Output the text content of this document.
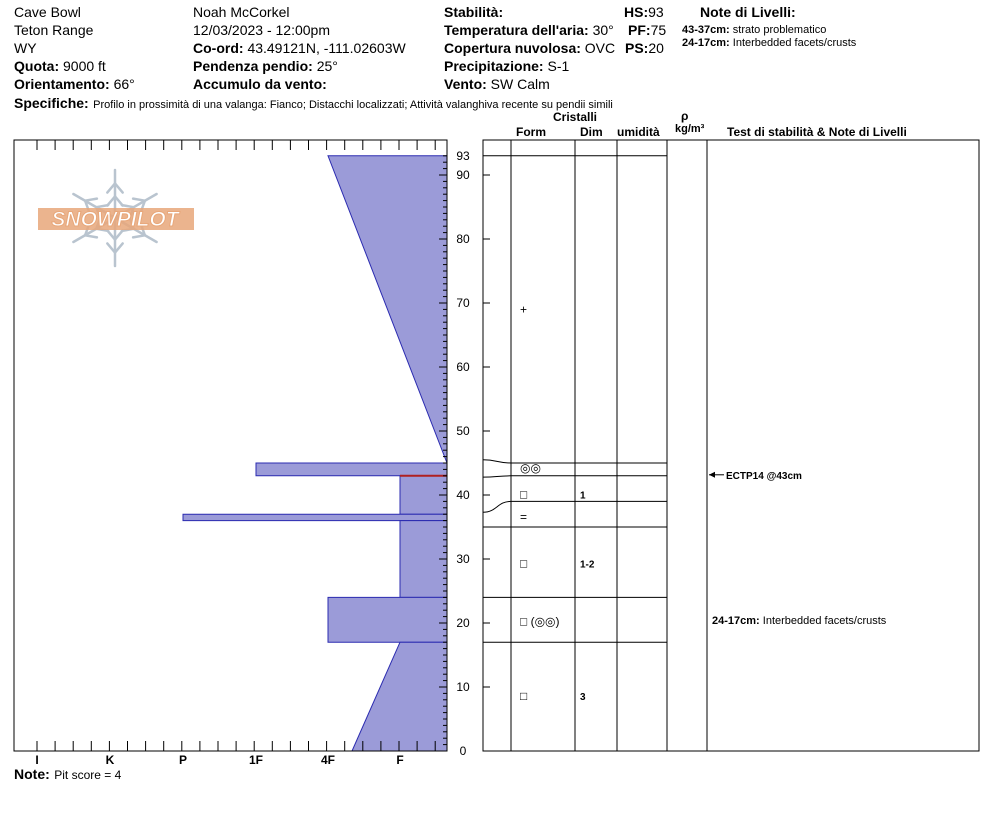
Cave Bowl
Teton Range
WY
Quota: 9000 ft
Orientamento: 66°
Noah McCorkel
12/03/2023 - 12:00pm
Co-ord: 43.49121N, -111.02603W
Pendenza pendio: 25°
Accumulo da vento:
Stabilità:
Temperatura dell'aria: 30°
Copertura nuvolosa: OVC
Precipitazione: S-1
Vento: SW Calm
HS:93
PF:75
PS:20
Note di Livelli:
43-37cm: strato problematico
24-17cm: Interbedded facets/crusts
Specifiche: Profilo in prossimità di una valanga: Fianco; Distacchi localizzati; Attività valanghiva recente su pendii simili
Cristalli
Form	Dim umidità
ρ
kg/m³ Test di stabilità & Note di Livelli
SNOWPILOT
0
10
20
30
40
50
60
70
80
90
93
I	K	P	1F	4F	F
+
◎◎
□	1
=
□	1-2
□ (◎◎)
□	3
ECTP14 @43cm
24-17cm: Interbedded facets/crusts
Note: Pit score = 4
